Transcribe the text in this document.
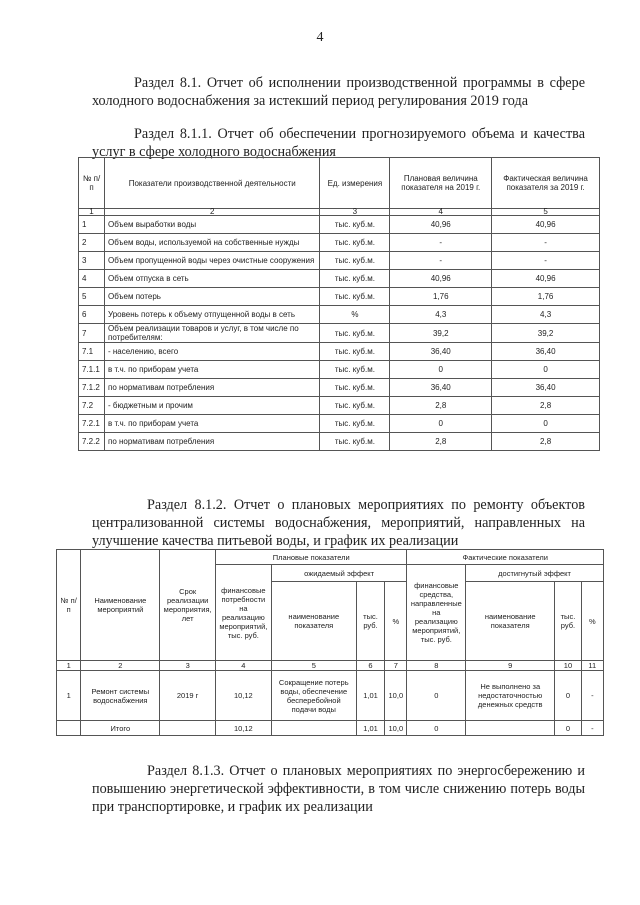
4
Раздел 8.1. Отчет об исполнении производственной программы в сфере холодного водоснабжения за истекший период регулирования 2019 года
Раздел 8.1.1. Отчет об обеспечении прогнозируемого объема и качества услуг в сфере холодного водоснабжения
№ п/п	Показатели производственной деятельности	Ед. измерения	Плановая величина показателя на 2019 г.	Фактическая величина показателя за 2019 г.
1	2	3	4	5
1	Объем выработки воды	тыс. куб.м.	40,96	40,96
2	Объем воды, используемой на собственные нужды	тыс. куб.м.	-	-
3	Объем пропущенной воды через очистные сооружения	тыс. куб.м.	-	-
4	Объем отпуска в сеть	тыс. куб.м.	40,96	40,96
5	Объем потерь	тыс. куб.м.	1,76	1,76
6	Уровень потерь к объему отпущенной воды в сеть	%	4,3	4,3
7	Объем реализации товаров и услуг, в том числе по потребителям:	тыс. куб.м.	39,2	39,2
7.1	- населению, всего	тыс. куб.м.	36,40	36,40
7.1.1	в т.ч. по приборам учета	тыс. куб.м.	0	0
7.1.2	по нормативам потребления	тыс. куб.м.	36,40	36,40
7.2	- бюджетным и прочим	тыс. куб.м.	2,8	2,8
7.2.1	в т.ч. по приборам учета	тыс. куб.м.	0	0
7.2.2	по нормативам потребления	тыс. куб.м.	2,8	2,8
Раздел 8.1.2. Отчет о плановых мероприятиях по ремонту объектов централизованной системы водоснабжения, мероприятий, направленных на улучшение качества питьевой воды, и график их реализации
№ п/п	Наименование мероприятий	Срок реализации мероприятия, лет	Плановые показатели				Фактические показатели			
			финансовые потребности на реализацию мероприятий, тыс. руб.	ожидаемый эффект			финансовые средства, направленные на реализацию мероприятий, тыс. руб.	достигнутый эффект		
				наименование показателя	тыс. руб.	%		наименование показателя	тыс. руб.	%
1	2	3	4	5	6	7	8	9	10	11
1	Ремонт системы водоснабжения	2019 г	10,12	Сокращение потерь воды, обеспечение бесперебойной подачи воды	1,01	10,0	0	Не выполнено за недостаточностью денежных средств	0	-
	Итого		10,12		1,01	10,0	0		0	-
Раздел 8.1.3. Отчет о плановых мероприятиях по энергосбережению и повышению энергетической эффективности, в том числе снижению потерь воды при транспортировке, и график их реализации
